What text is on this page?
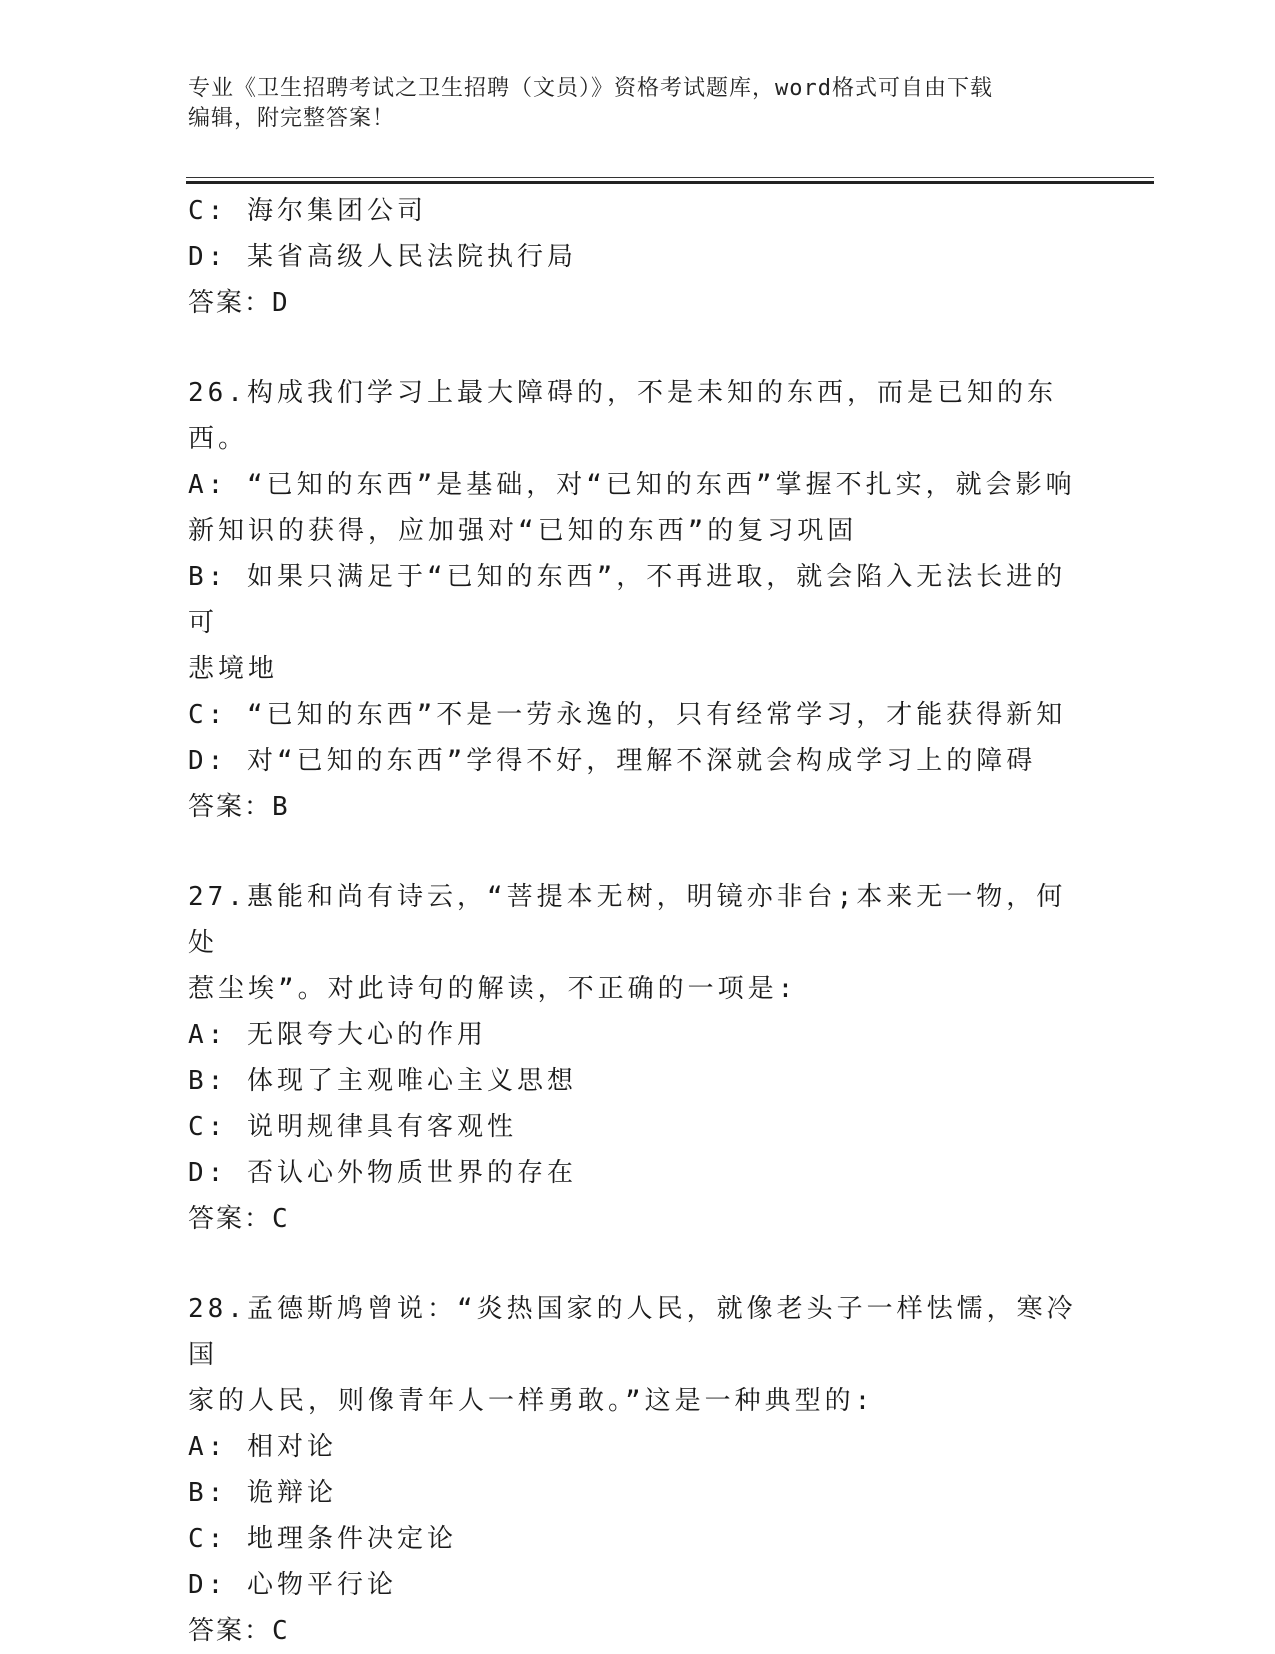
专业《卫生招聘考试之卫生招聘（文员）》资格考试题库，word格式可自由下载
编辑，附完整答案！
C: 海尔集团公司
D: 某省高级人民法院执行局
答案：D
26.构成我们学习上最大障碍的，不是未知的东西，而是已知的东西。
A: “已知的东西”是基础，对“已知的东西”掌握不扎实，就会影响
新知识的获得，应加强对“已知的东西”的复习巩固
B: 如果只满足于“已知的东西”，不再进取，就会陷入无法长进的可
悲境地
C: “已知的东西”不是一劳永逸的，只有经常学习，才能获得新知
D: 对“已知的东西”学得不好，理解不深就会构成学习上的障碍
答案：B
27.惠能和尚有诗云，“菩提本无树，明镜亦非台;本来无一物，何处
惹尘埃”。对此诗句的解读，不正确的一项是:
A: 无限夸大心的作用
B: 体现了主观唯心主义思想
C: 说明规律具有客观性
D: 否认心外物质世界的存在
答案：C
28.孟德斯鸠曾说：“炎热国家的人民，就像老头子一样怯懦，寒冷国
家的人民，则像青年人一样勇敢。”这是一种典型的:
A: 相对论
B: 诡辩论
C: 地理条件决定论
D: 心物平行论
答案：C
